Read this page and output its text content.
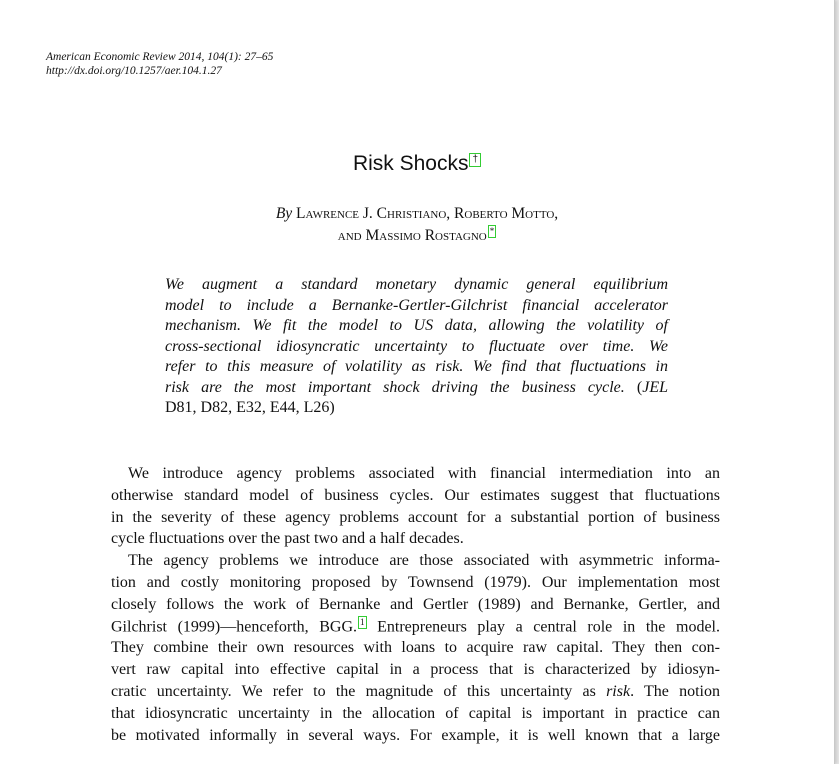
American Economic Review 2014, 104(1): 27–65
http://dx.doi.org/10.1257/aer.104.1.27
Risk Shocks †
By Lawrence J. Christiano, Roberto Motto,
and Massimo Rostagno *
We augment a standard monetary dynamic general equilibrium
model to include a Bernanke-Gertler-Gilchrist financial accelerator
mechanism. We fit the model to US data, allowing the volatility of
cross-sectional idiosyncratic uncertainty to fluctuate over time. We
refer to this measure of volatility as risk. We find that fluctuations in
risk are the most important shock driving the business cycle. (JEL
D81, D82, E32, E44, L26)
We introduce agency problems associated with financial intermediation into an
otherwise standard model of business cycles. Our estimates suggest that fluctuations
in the severity of these agency problems account for a substantial portion of business
cycle fluctuations over the past two and a half decades.
The agency problems we introduce are those associated with asymmetric informa-
tion and costly monitoring proposed by Townsend (1979). Our implementation most
closely follows the work of Bernanke and Gertler (1989) and Bernanke, Gertler, and
Gilchrist (1999)—henceforth, BGG. 1 Entrepreneurs play a central role in the model.
They combine their own resources with loans to acquire raw capital. They then con-
vert raw capital into effective capital in a process that is characterized by idiosyn-
cratic uncertainty. We refer to the magnitude of this uncertainty as risk. The notion
that idiosyncratic uncertainty in the allocation of capital is important in practice can
be motivated informally in several ways. For example, it is well known that a large
